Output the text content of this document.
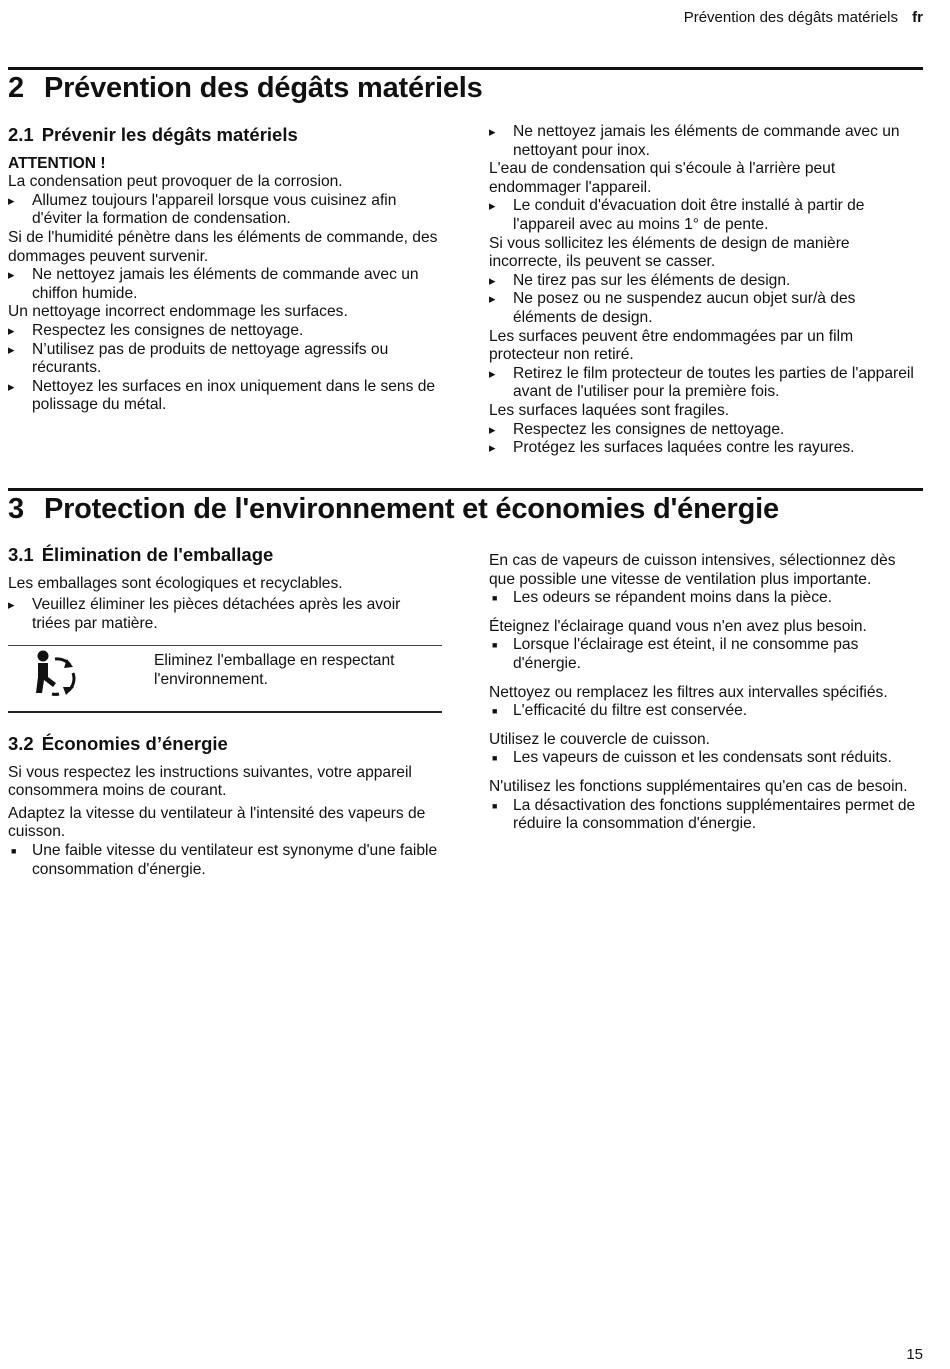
Prévention des dégâts matériels fr
2 Prévention des dégâts matériels
2.1 Prévenir les dégâts matériels

ATTENTION !

La condensation peut provoquer de la corrosion.

▸ Allumez toujours l'appareil lorsque vous cuisinez afin d'éviter la formation de condensation.

Si de l'humidité pénètre dans les éléments de commande, des dommages peuvent survenir.

▸ Ne nettoyez jamais les éléments de commande avec un chiffon humide.

Un nettoyage incorrect endommage les surfaces.

▸ Respectez les consignes de nettoyage.
▸ N’utilisez pas de produits de nettoyage agressifs ou récurants.
▸ Nettoyez les surfaces en inox uniquement dans le sens de polissage du métal.
▸ Ne nettoyez jamais les éléments de commande avec un nettoyant pour inox.

L'eau de condensation qui s'écoule à l'arrière peut endommager l'appareil.

▸ Le conduit d'évacuation doit être installé à partir de l'appareil avec au moins 1° de pente.

Si vous sollicitez les éléments de design de manière incorrecte, ils peuvent se casser.

▸ Ne tirez pas sur les éléments de design.
▸ Ne posez ou ne suspendez aucun objet sur/à des éléments de design.

Les surfaces peuvent être endommagées par un film protecteur non retiré.

▸ Retirez le film protecteur de toutes les parties de l'appareil avant de l'utiliser pour la première fois.

Les surfaces laquées sont fragiles.

▸ Respectez les consignes de nettoyage.
▸ Protégez les surfaces laquées contre les rayures.
3 Protection de l'environnement et économies d'énergie
3.1 Élimination de l'emballage

Les emballages sont écologiques et recyclables.

▸ Veuillez éliminer les pièces détachées après les avoir triées par matière.
Eliminez l'emballage en respectant l'environnement.
3.2 Économies d’énergie

Si vous respectez les instructions suivantes, votre appareil consommera moins de courant.

Adaptez la vitesse du ventilateur à l'intensité des vapeurs de cuisson.

■ Une faible vitesse du ventilateur est synonyme d'une faible consommation d'énergie.

En cas de vapeurs de cuisson intensives, sélectionnez dès que possible une vitesse de ventilation plus importante.

■ Les odeurs se répandent moins dans la pièce.

Éteignez l'éclairage quand vous n'en avez plus besoin.

■ Lorsque l'éclairage est éteint, il ne consomme pas d'énergie.

Nettoyez ou remplacez les filtres aux intervalles spécifiés.

■ L'efficacité du filtre est conservée.

Utilisez le couvercle de cuisson.

■ Les vapeurs de cuisson et les condensats sont réduits.

N'utilisez les fonctions supplémentaires qu'en cas de besoin.

■ La désactivation des fonctions supplémentaires permet de réduire la consommation d'énergie.
15
